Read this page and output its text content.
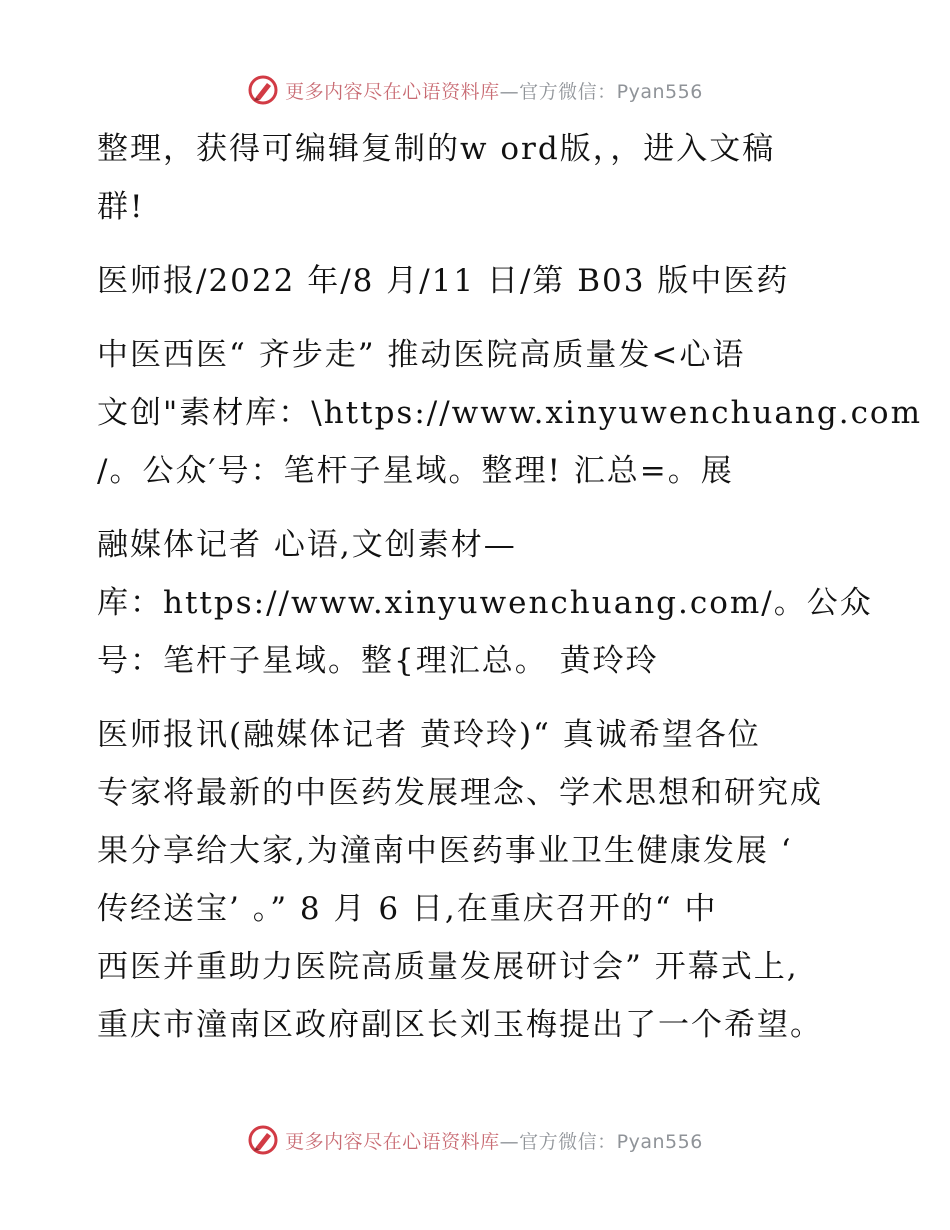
更多内容尽在心语资料库—官方微信：Pyan556

整理，获得可编辑复制的w ord版，，进入文稿
群!

医师报/2022 年/8 月/11 日/第 B03 版中医药

中医西医“ 齐步走” 推动医院高质量发<心语
文创"素材库：\https://www.xinyuwenchuang.com
/。公众′号：笔杆子星域。整理! 汇总=。展

融媒体记者 心语,文创素材—
库：https://www.xinyuwenchuang.com/。公众
号：笔杆子星域。整{理汇总。 黄玲玲

医师报讯(融媒体记者 黄玲玲)“ 真诚希望各位
专家将最新的中医药发展理念、学术思想和研究成
果分享给大家,为潼南中医药事业卫生健康发展 ‘
传经送宝’ 。” 8 月 6 日,在重庆召开的“ 中
西医并重助力医院高质量发展研讨会” 开幕式上,
重庆市潼南区政府副区长刘玉梅提出了一个希望。

更多内容尽在心语资料库—官方微信：Pyan556
